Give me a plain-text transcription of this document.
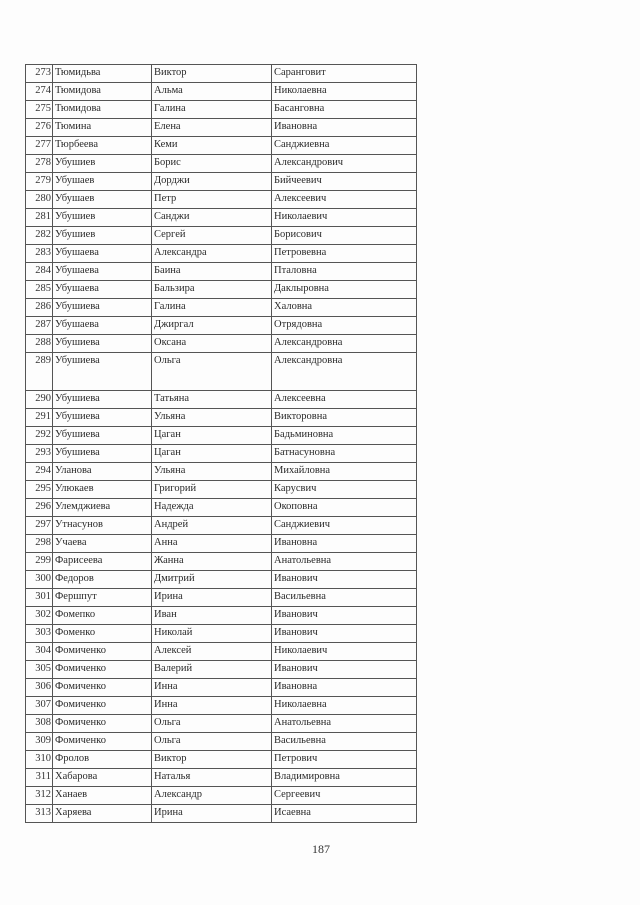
273	Тюмидьва	Виктор	Саранговит
274	Тюмидова	Альма	Николаевна
275	Тюмидова	Галина	Басанговна
276	Тюмина	Елена	Ивановна
277	Тюрбеева	Кеми	Санджиевна
278	Убушиев	Борис	Александрович
279	Убушаев	Дорджи	Бийчеевич
280	Убушаев	Петр	Алексеевич
281	Убушиев	Санджи	Николаевич
282	Убушиев	Сергей	Борисович
283	Убушаева	Александра	Петровевна
284	Убушаева	Баина	Пталовна
285	Убушаева	Бальзира	Даклыровна
286	Убушиева	Галина	Халовна
287	Убушаева	Джиргал	Отрядовна
288	Убушиева	Оксана	Александровна
289	Убушиева	Ольга	Александровна
290	Убушиева	Татьяна	Алексеевна
291	Убушиева	Ульяна	Викторовна
292	Убушиева	Цаган	Бадьминовна
293	Убушиева	Цаган	Батнасуновна
294	Уланова	Ульяна	Михайловна
295	Улюкаев	Григорий	Карусвич
296	Улемджиева	Надежда	Окоповна
297	Утнасунов	Андрей	Санджиевич
298	Учаева	Анна	Ивановна
299	Фарисеева	Жанна	Анатольевна
300	Федоров	Дмитрий	Иванович
301	Фершпут	Ирина	Васильевна
302	Фомепко	Иван	Иванович
303	Фоменко	Николай	Иванович
304	Фомиченко	Алексей	Николаевич
305	Фомиченко	Валерий	Иванович
306	Фомиченко	Инна	Ивановна
307	Фомиченко	Инна	Николаевна
308	Фомиченко	Ольга	Анатольевна
309	Фомиченко	Ольга	Васильевна
310	Фролов	Виктор	Петрович
311	Хабарова	Наталья	Владимировна
312	Ханаев	Александр	Сергеевич
313	Харяева	Ирина	Исаевна
187
